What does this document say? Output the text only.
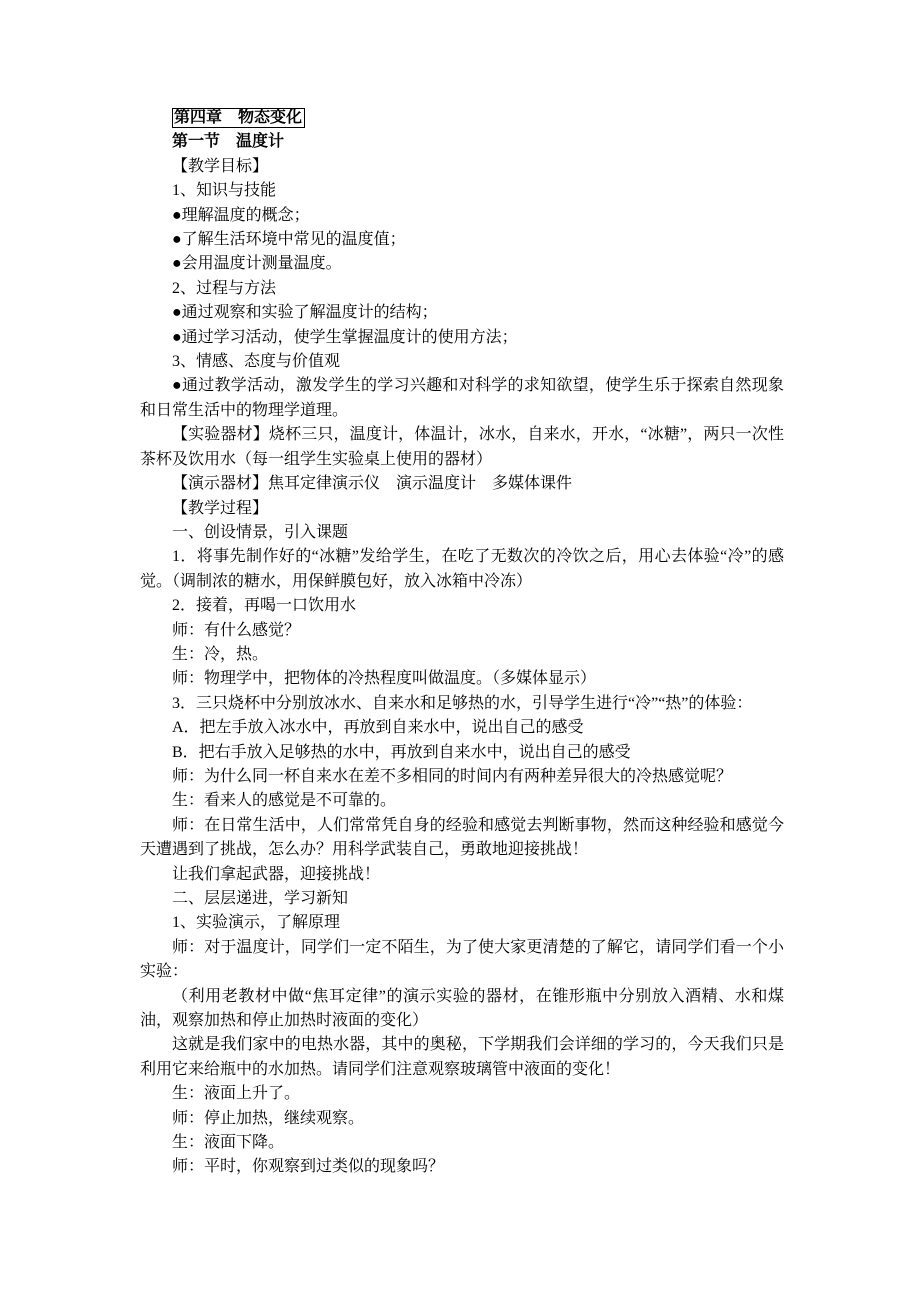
第四章　物态变化

第一节　温度计

【教学目标】

1、知识与技能

●理解温度的概念；

●了解生活环境中常见的温度值；

●会用温度计测量温度。

2、过程与方法

●通过观察和实验了解温度计的结构；

●通过学习活动，使学生掌握温度计的使用方法；

3、情感、态度与价值观

●通过教学活动，激发学生的学习兴趣和对科学的求知欲望，使学生乐于探索自然现象和日常生活中的物理学道理。

【实验器材】烧杯三只，温度计，体温计，冰水，自来水，开水，“冰糖”，两只一次性茶杯及饮用水（每一组学生实验桌上使用的器材）

【演示器材】焦耳定律演示仪　演示温度计　多媒体课件

【教学过程】

一、创设情景，引入课题

1．将事先制作好的“冰糖”发给学生，在吃了无数次的冷饮之后，用心去体验“冷”的感觉。（调制浓的糖水，用保鲜膜包好，放入冰箱中冷冻）

2．接着，再喝一口饮用水

师：有什么感觉？

生：冷，热。

师：物理学中，把物体的冷热程度叫做温度。（多媒体显示）

3．三只烧杯中分别放冰水、自来水和足够热的水，引导学生进行“冷”“热”的体验：

A．把左手放入冰水中，再放到自来水中，说出自己的感受

B．把右手放入足够热的水中，再放到自来水中，说出自己的感受

师：为什么同一杯自来水在差不多相同的时间内有两种差异很大的冷热感觉呢？

生：看来人的感觉是不可靠的。

师：在日常生活中，人们常常凭自身的经验和感觉去判断事物，然而这种经验和感觉今天遭遇到了挑战，怎么办？用科学武装自己，勇敢地迎接挑战！

让我们拿起武器，迎接挑战！

二、层层递进，学习新知

1、实验演示，了解原理

师：对于温度计，同学们一定不陌生，为了使大家更清楚的了解它，请同学们看一个小实验：

（利用老教材中做“焦耳定律”的演示实验的器材，在锥形瓶中分别放入酒精、水和煤油，观察加热和停止加热时液面的变化）

这就是我们家中的电热水器，其中的奥秘，下学期我们会详细的学习的，今天我们只是利用它来给瓶中的水加热。请同学们注意观察玻璃管中液面的变化！

生：液面上升了。

师：停止加热，继续观察。

生：液面下降。

师：平时，你观察到过类似的现象吗？
